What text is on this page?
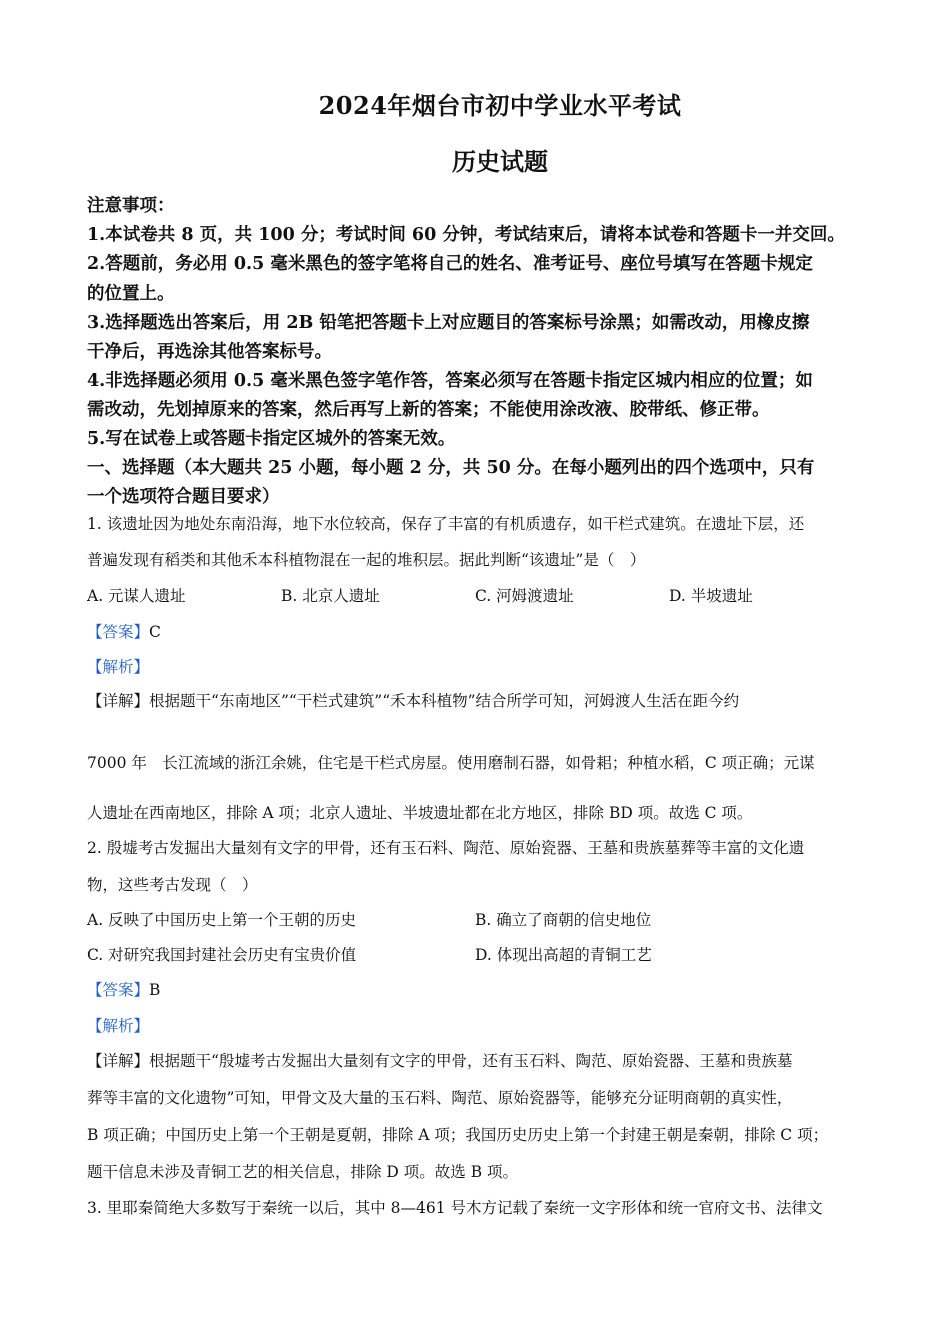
2024年烟台市初中学业水平考试
历史试题
注意事项：
1.本试卷共 8 页，共 100 分；考试时间 60 分钟，考试结束后，请将本试卷和答题卡一并交回。
2.答题前，务必用 0.5 毫米黑色的签字笔将自己的姓名、准考证号、座位号填写在答题卡规定
的位置上。
3.选择题选出答案后，用 2B 铅笔把答题卡上对应题目的答案标号涂黑；如需改动，用橡皮擦
干净后，再选涂其他答案标号。
4.非选择题必须用 0.5 毫米黑色签字笔作答，答案必须写在答题卡指定区城内相应的位置；如
需改动，先划掉原来的答案，然后再写上新的答案；不能使用涂改液、胶带纸、修正带。
5.写在试卷上或答题卡指定区城外的答案无效。
一、选择题（本大题共 25 小题，每小题 2 分，共 50 分。在每小题列出的四个选项中，只有
一个选项符合题目要求）
1. 该遗址因为地处东南沿海，地下水位较高，保存了丰富的有机质遗存，如干栏式建筑。在遗址下层，还
普遍发现有稻类和其他禾本科植物混在一起的堆积层。据此判断“该遗址”是（　）
A. 元谋人遗址	B. 北京人遗址	C. 河姆渡遗址	D. 半坡遗址
【答案】C
【解析】
【详解】根据题干“东南地区”“干栏式建筑”“禾本科植物”结合所学可知，河姆渡人生活在距今约
7000 年　长江流域的浙江余姚，住宅是干栏式房屋。使用磨制石器，如骨耜；种植水稻，C 项正确；元谋
人遗址在西南地区，排除 A 项；北京人遗址、半坡遗址都在北方地区，排除 BD 项。故选 C 项。
2. 殷墟考古发掘出大量刻有文字的甲骨，还有玉石料、陶范、原始瓷器、王墓和贵族墓葬等丰富的文化遗
物，这些考古发现（　）
A. 反映了中国历史上第一个王朝的历史	B. 确立了商朝的信史地位
C. 对研究我国封建社会历史有宝贵价值	D. 体现出高超的青铜工艺
【答案】B
【解析】
【详解】根据题干“殷墟考古发掘出大量刻有文字的甲骨，还有玉石料、陶范、原始瓷器、王墓和贵族墓
葬等丰富的文化遗物”可知，甲骨文及大量的玉石料、陶范、原始瓷器等，能够充分证明商朝的真实性，
B 项正确；中国历史上第一个王朝是夏朝，排除 A 项；我国历史历史上第一个封建王朝是秦朝，排除 C 项；
题干信息未涉及青铜工艺的相关信息，排除 D 项。故选 B 项。
3. 里耶秦简绝大多数写于秦统一以后，其中 8—461 号木方记载了秦统一文字形体和统一官府文书、法律文
